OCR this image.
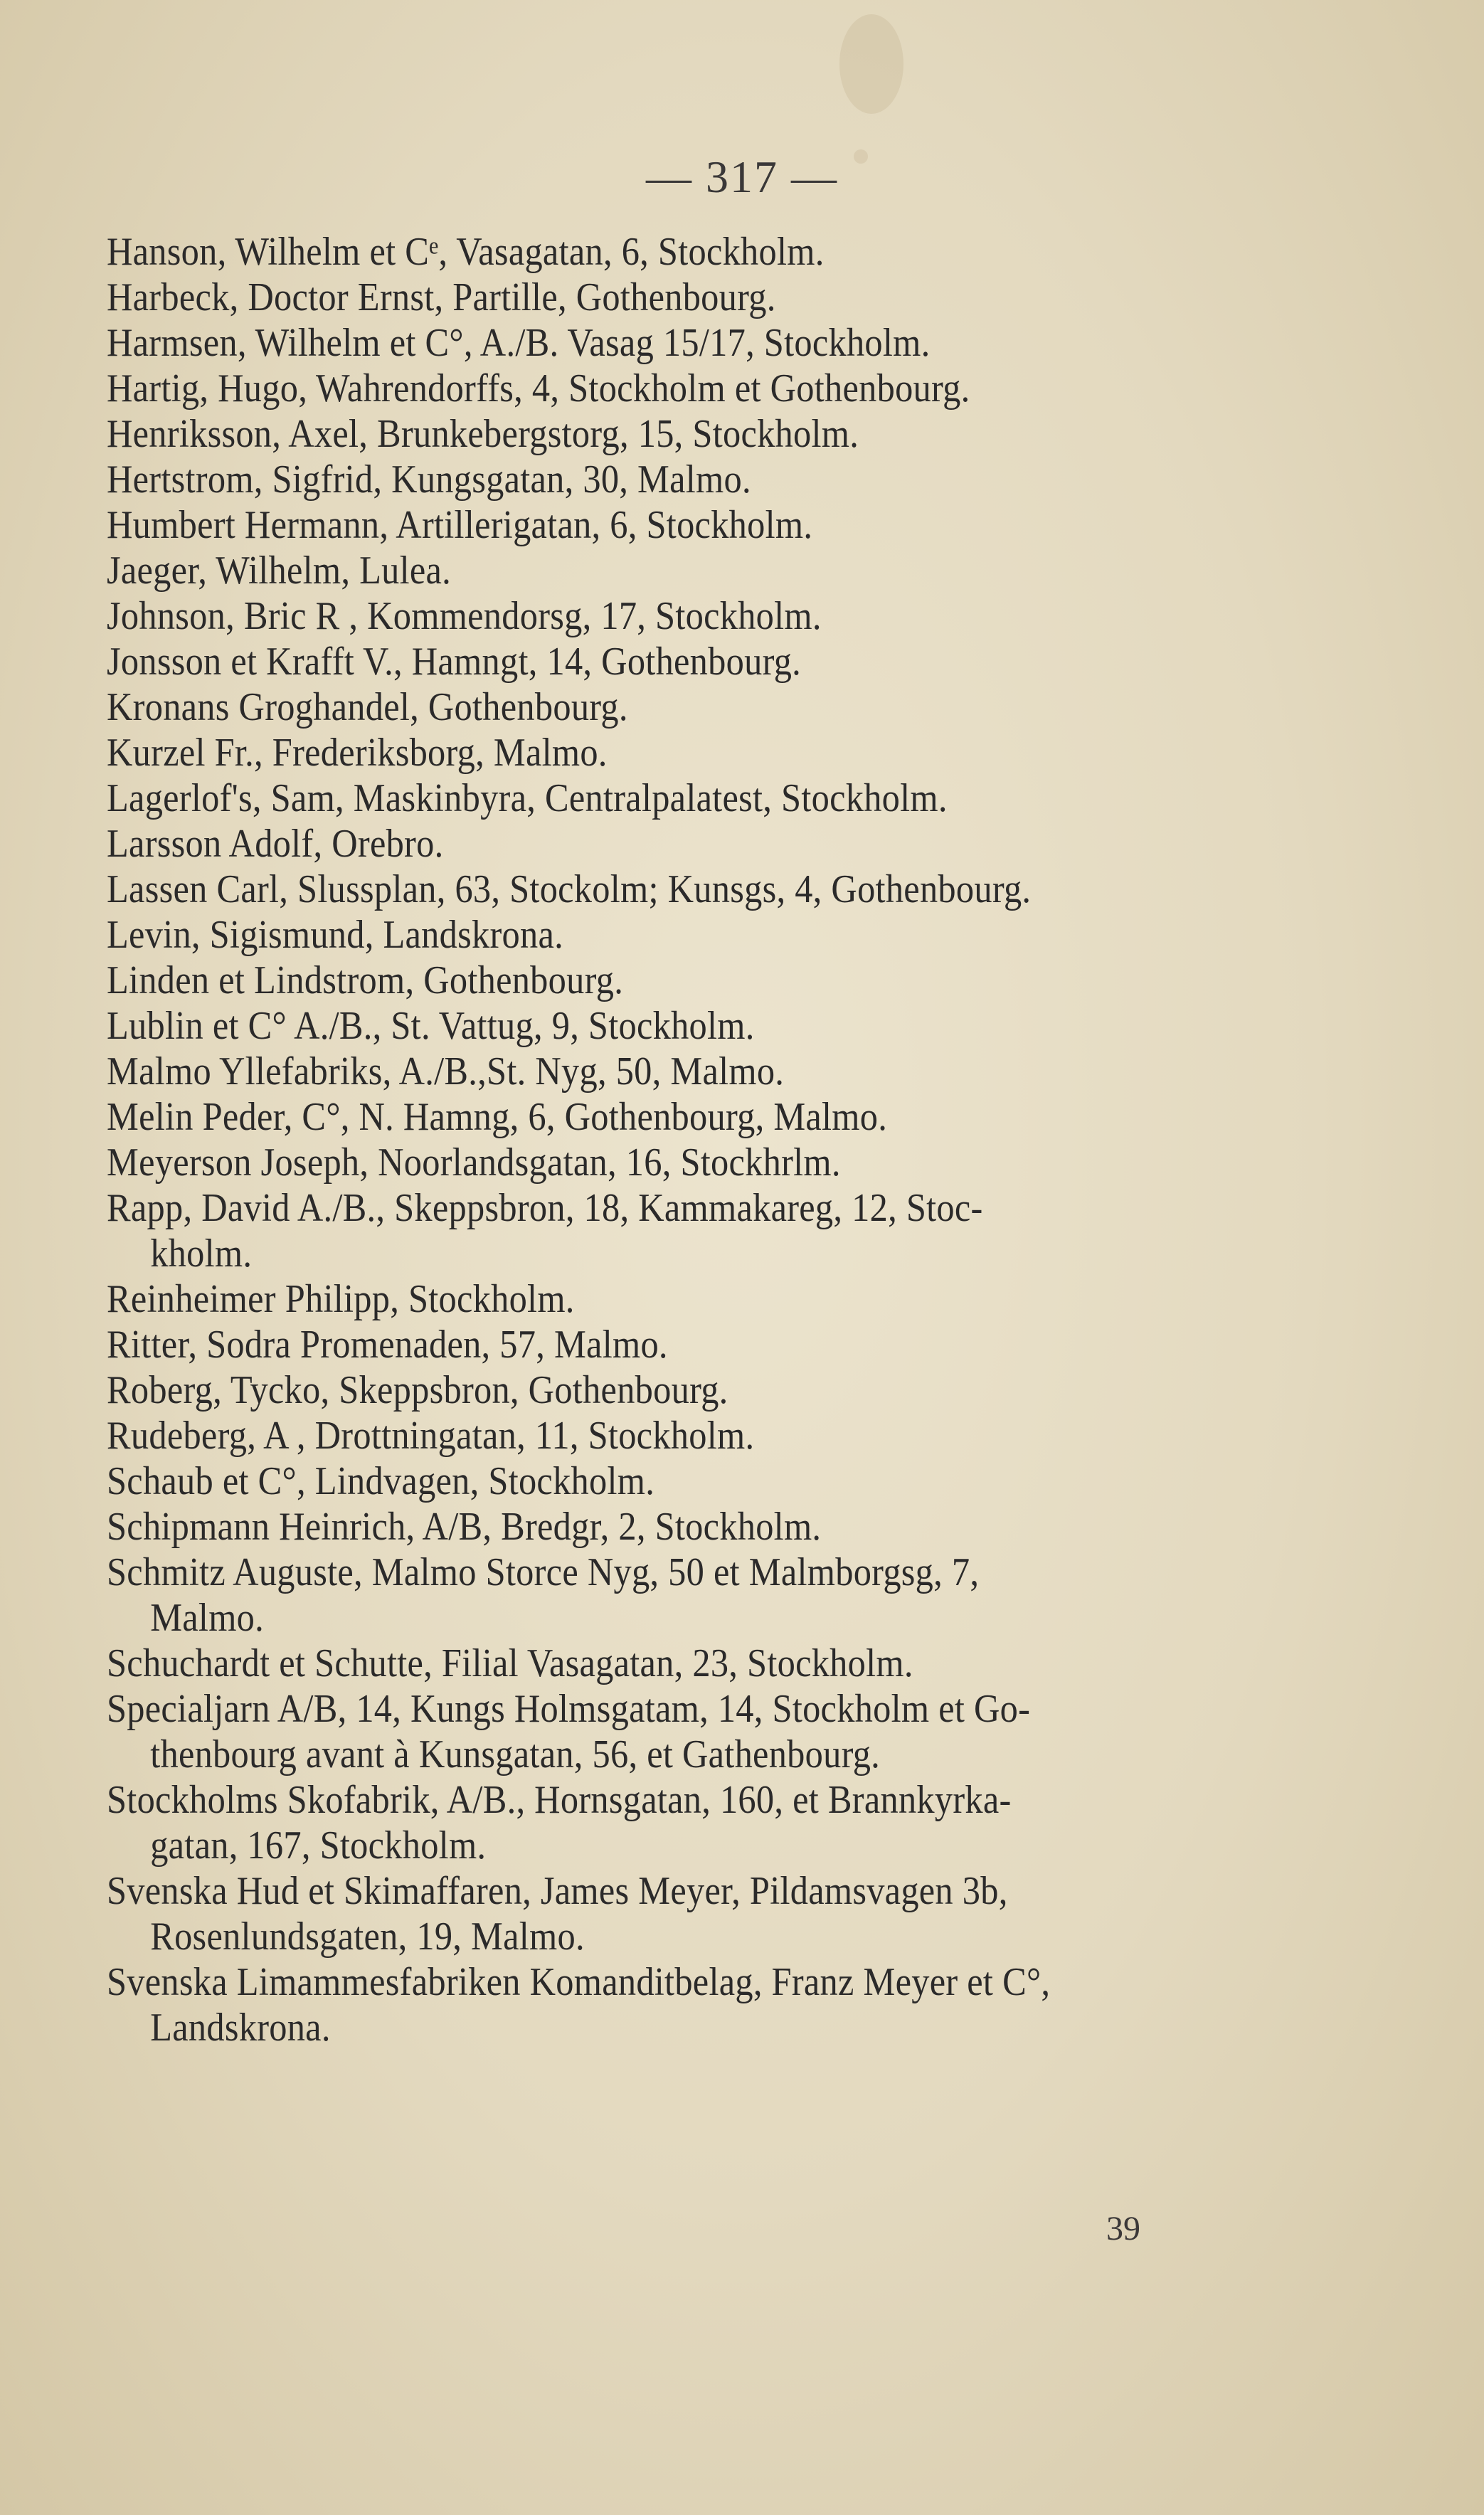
— 317 —
Hanson, Wilhelm et Cᵉ, Vasagatan, 6, Stockholm.
Harbeck, Doctor Ernst, Partille, Gothenbourg.
Harmsen, Wilhelm et C°, A./B. Vasag 15/17, Stockholm.
Hartig, Hugo, Wahrendorffs, 4, Stockholm et Gothenbourg.
Henriksson, Axel, Brunkebergstorg, 15, Stockholm.
Hertstrom, Sigfrid, Kungsgatan, 30, Malmo.
Humbert Hermann, Artillerigatan, 6, Stockholm.
Jaeger, Wilhelm, Lulea.
Johnson, Bric R , Kommendorsg, 17, Stockholm.
Jonsson et Krafft V., Hamngt, 14, Gothenbourg.
Kronans Groghandel, Gothenbourg.
Kurzel Fr., Frederiksborg, Malmo.
Lagerlof's, Sam, Maskinbyra, Centralpalatest, Stockholm.
Larsson Adolf, Orebro.
Lassen Carl, Slussplan, 63, Stockolm; Kunsgs, 4, Gothenbourg.
Levin, Sigismund, Landskrona.
Linden et Lindstrom, Gothenbourg.
Lublin et C° A./B., St. Vattug, 9, Stockholm.
Malmo Yllefabriks, A./B.,St. Nyg, 50, Malmo.
Melin Peder, C°, N. Hamng, 6, Gothenbourg, Malmo.
Meyerson Joseph, Noorlandsgatan, 16, Stockhrlm.
Rapp, David A./B., Skeppsbron, 18, Kammakareg, 12, Stoc-
kholm.
Reinheimer Philipp, Stockholm.
Ritter, Sodra Promenaden, 57, Malmo.
Roberg, Tycko, Skeppsbron, Gothenbourg.
Rudeberg, A , Drottningatan, 11, Stockholm.
Schaub et C°, Lindvagen, Stockholm.
Schipmann Heinrich, A/B, Bredgr, 2, Stockholm.
Schmitz Auguste, Malmo Storce Nyg, 50 et Malmborgsg, 7,
Malmo.
Schuchardt et Schutte, Filial Vasagatan, 23, Stockholm.
Specialjarn A/B, 14, Kungs Holmsgatam, 14, Stockholm et Go-
thenbourg avant à Kunsgatan, 56, et Gathenbourg.
Stockholms Skofabrik, A/B., Hornsgatan, 160, et Brannkyrka-
gatan, 167, Stockholm.
Svenska Hud et Skimaffaren, James Meyer, Pildamsvagen 3b,
Rosenlundsgaten, 19, Malmo.
Svenska Limammesfabriken Komanditbelag, Franz Meyer et C°,
Landskrona.
39
